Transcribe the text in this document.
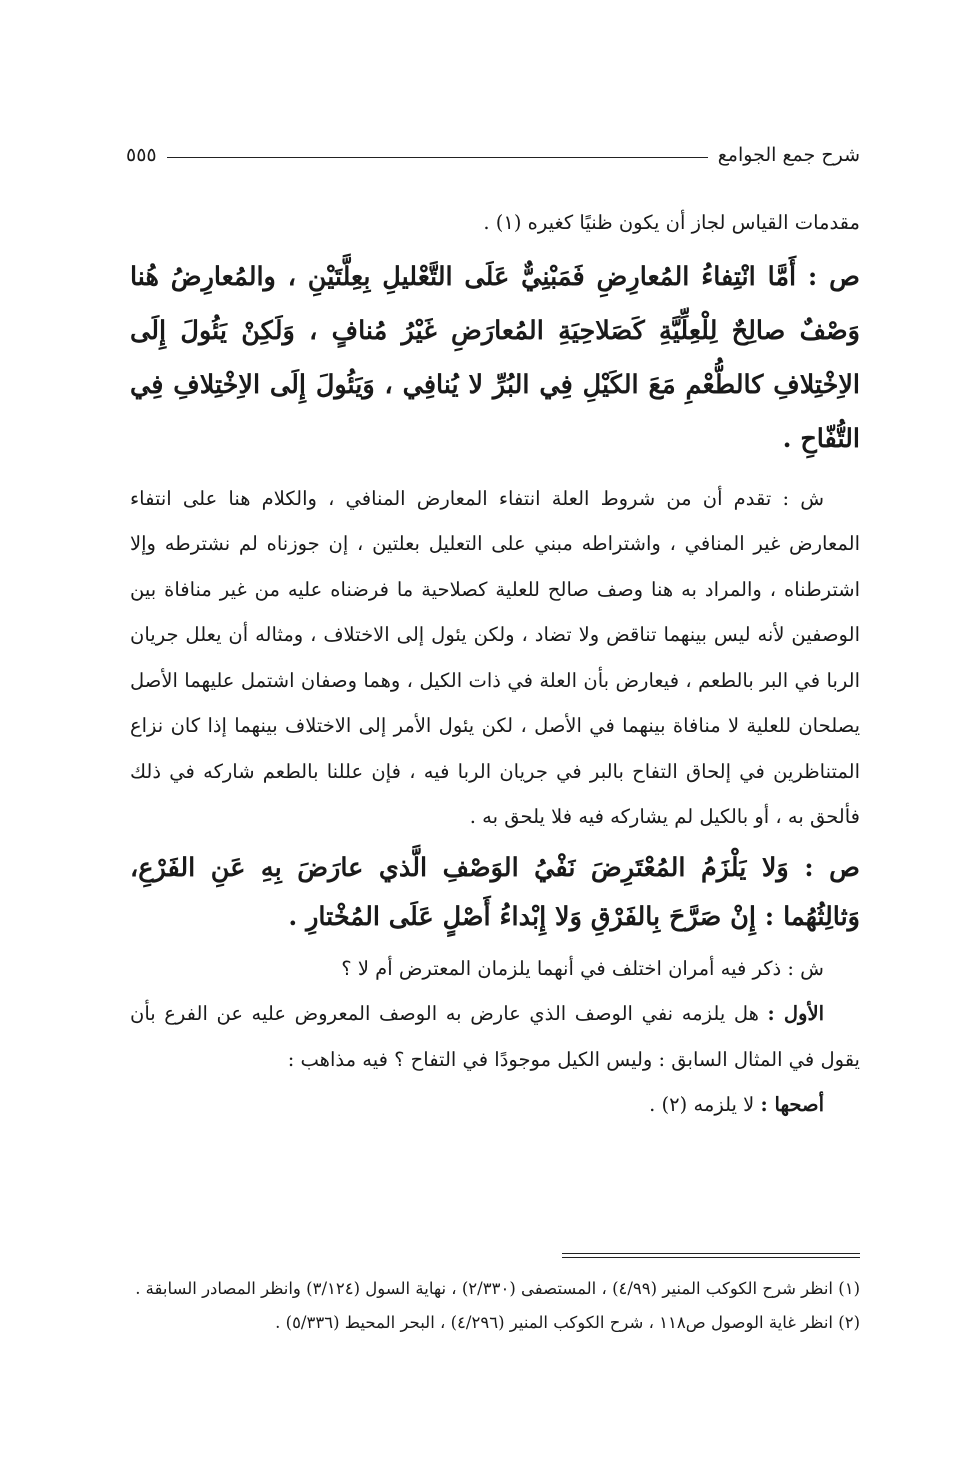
شرح جمع الجوامع
٥٥٥

مقدمات القياس لجاز أن يكون ظنيًا كغيره (١) .

ص : أَمَّا انْتِفاءُ المُعارِضِ فَمَبْنِيٌّ عَلَى التَّعْليلِ بِعِلَّتَيْنِ ، والمُعارِضُ هُنا وَصْفٌ صالِحٌ لِلْعِلِّيَّةِ كَصَلاحِيَةِ المُعارَضِ غَيْرُ مُنافٍ ، وَلَكِنْ يَئُولَ إِلَى الاِخْتِلافِ كالطُّعْمِ مَعَ الكَيْلِ فِي البُرِّ لا يُنافِي ، وَيَئُولَ إِلَى الاِخْتِلافِ فِي التُّفّاحِ .

ش : تقدم أن من شروط العلة انتفاء المعارض المنافي ، والكلام هنا على انتفاء المعارض غير المنافي ، واشتراطه مبني على التعليل بعلتين ، إن جوزناه لم نشترطه وإلا اشترطناه ، والمراد به هنا وصف صالح للعلية كصلاحية ما فرضناه عليه من غير منافاة بين الوصفين لأنه ليس بينهما تناقض ولا تضاد ، ولكن يئول إلى الاختلاف ، ومثاله أن يعلل جريان الربا في البر بالطعم ، فيعارض بأن العلة في ذات الكيل ، وهما وصفان اشتمل عليهما الأصل يصلحان للعلية لا منافاة بينهما في الأصل ، لكن يئول الأمر إلى الاختلاف بينهما إذا كان نزاع المتناظرين في إلحاق التفاح بالبر في جريان الربا فيه ، فإن عللنا بالطعم شاركه في ذلك فألحق به ، أو بالكيل لم يشاركه فيه فلا يلحق به .

ص : وَلا يَلْزَمُ المُعْتَرِضَ نَفْيُ الوَصْفِ الَّذي عارَضَ بِهِ عَنِ الفَرْعِ، وَثالِثُهُما : إِنْ صَرَّحَ بِالفَرْقِ وَلا إِبْداءُ أَصْلٍ عَلَى المُخْتارِ .

ش : ذكر فيه أمران اختلف في أنهما يلزمان المعترض أم لا ؟

الأول : هل يلزمه نفي الوصف الذي عارض به الوصف المعروض عليه عن الفرع بأن يقول في المثال السابق : وليس الكيل موجودًا في التفاح ؟ فيه مذاهب :

أصحها : لا يلزمه (٢) .

(١) انظر شرح الكوكب المنير (٤/٩٩) ، المستصفى (٢/٣٣٠) ، نهاية السول (٣/١٢٤) وانظر المصادر السابقة .

(٢) انظر غاية الوصول ص١١٨ ، شرح الكوكب المنير (٤/٢٩٦) ، البحر المحيط (٥/٣٣٦) .
